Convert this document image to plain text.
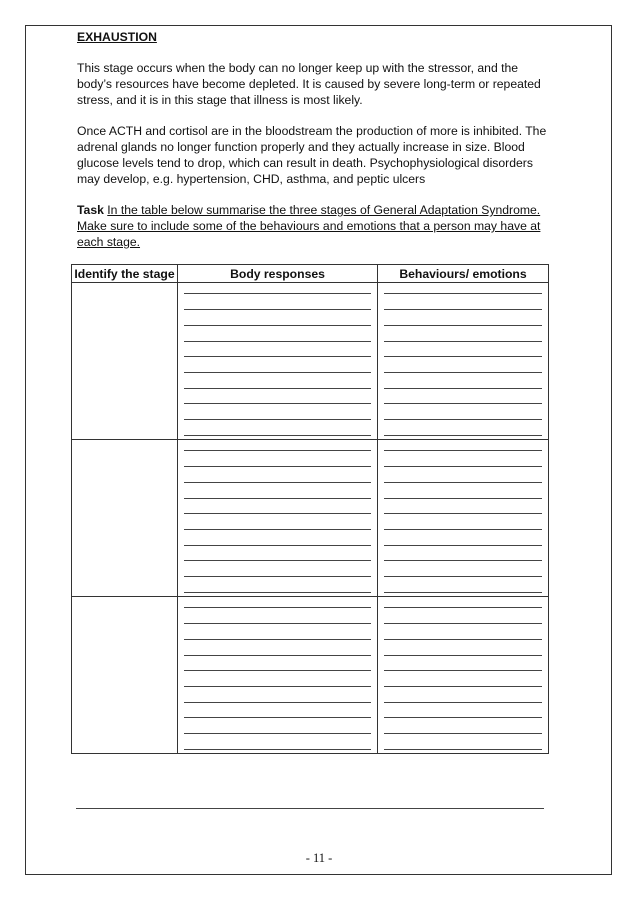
EXHAUSTION

This stage occurs when the body can no longer keep up with the stressor, and the body’s resources have become depleted. It is caused by severe long-term or repeated stress, and it is in this stage that illness is most likely.

Once ACTH and cortisol are in the bloodstream the production of more is inhibited. The adrenal glands no longer function properly and they actually increase in size. Blood glucose levels tend to drop, which can result in death. Psychophysiological disorders may develop, e.g. hypertension, CHD, asthma, and peptic ulcers

Task In the table below summarise the three stages of General Adaptation Syndrome. Make sure to include some of the behaviours and emotions that a person may have at each stage.

Identify the stage	Body responses	Behaviours/ emotions

- 11 -
